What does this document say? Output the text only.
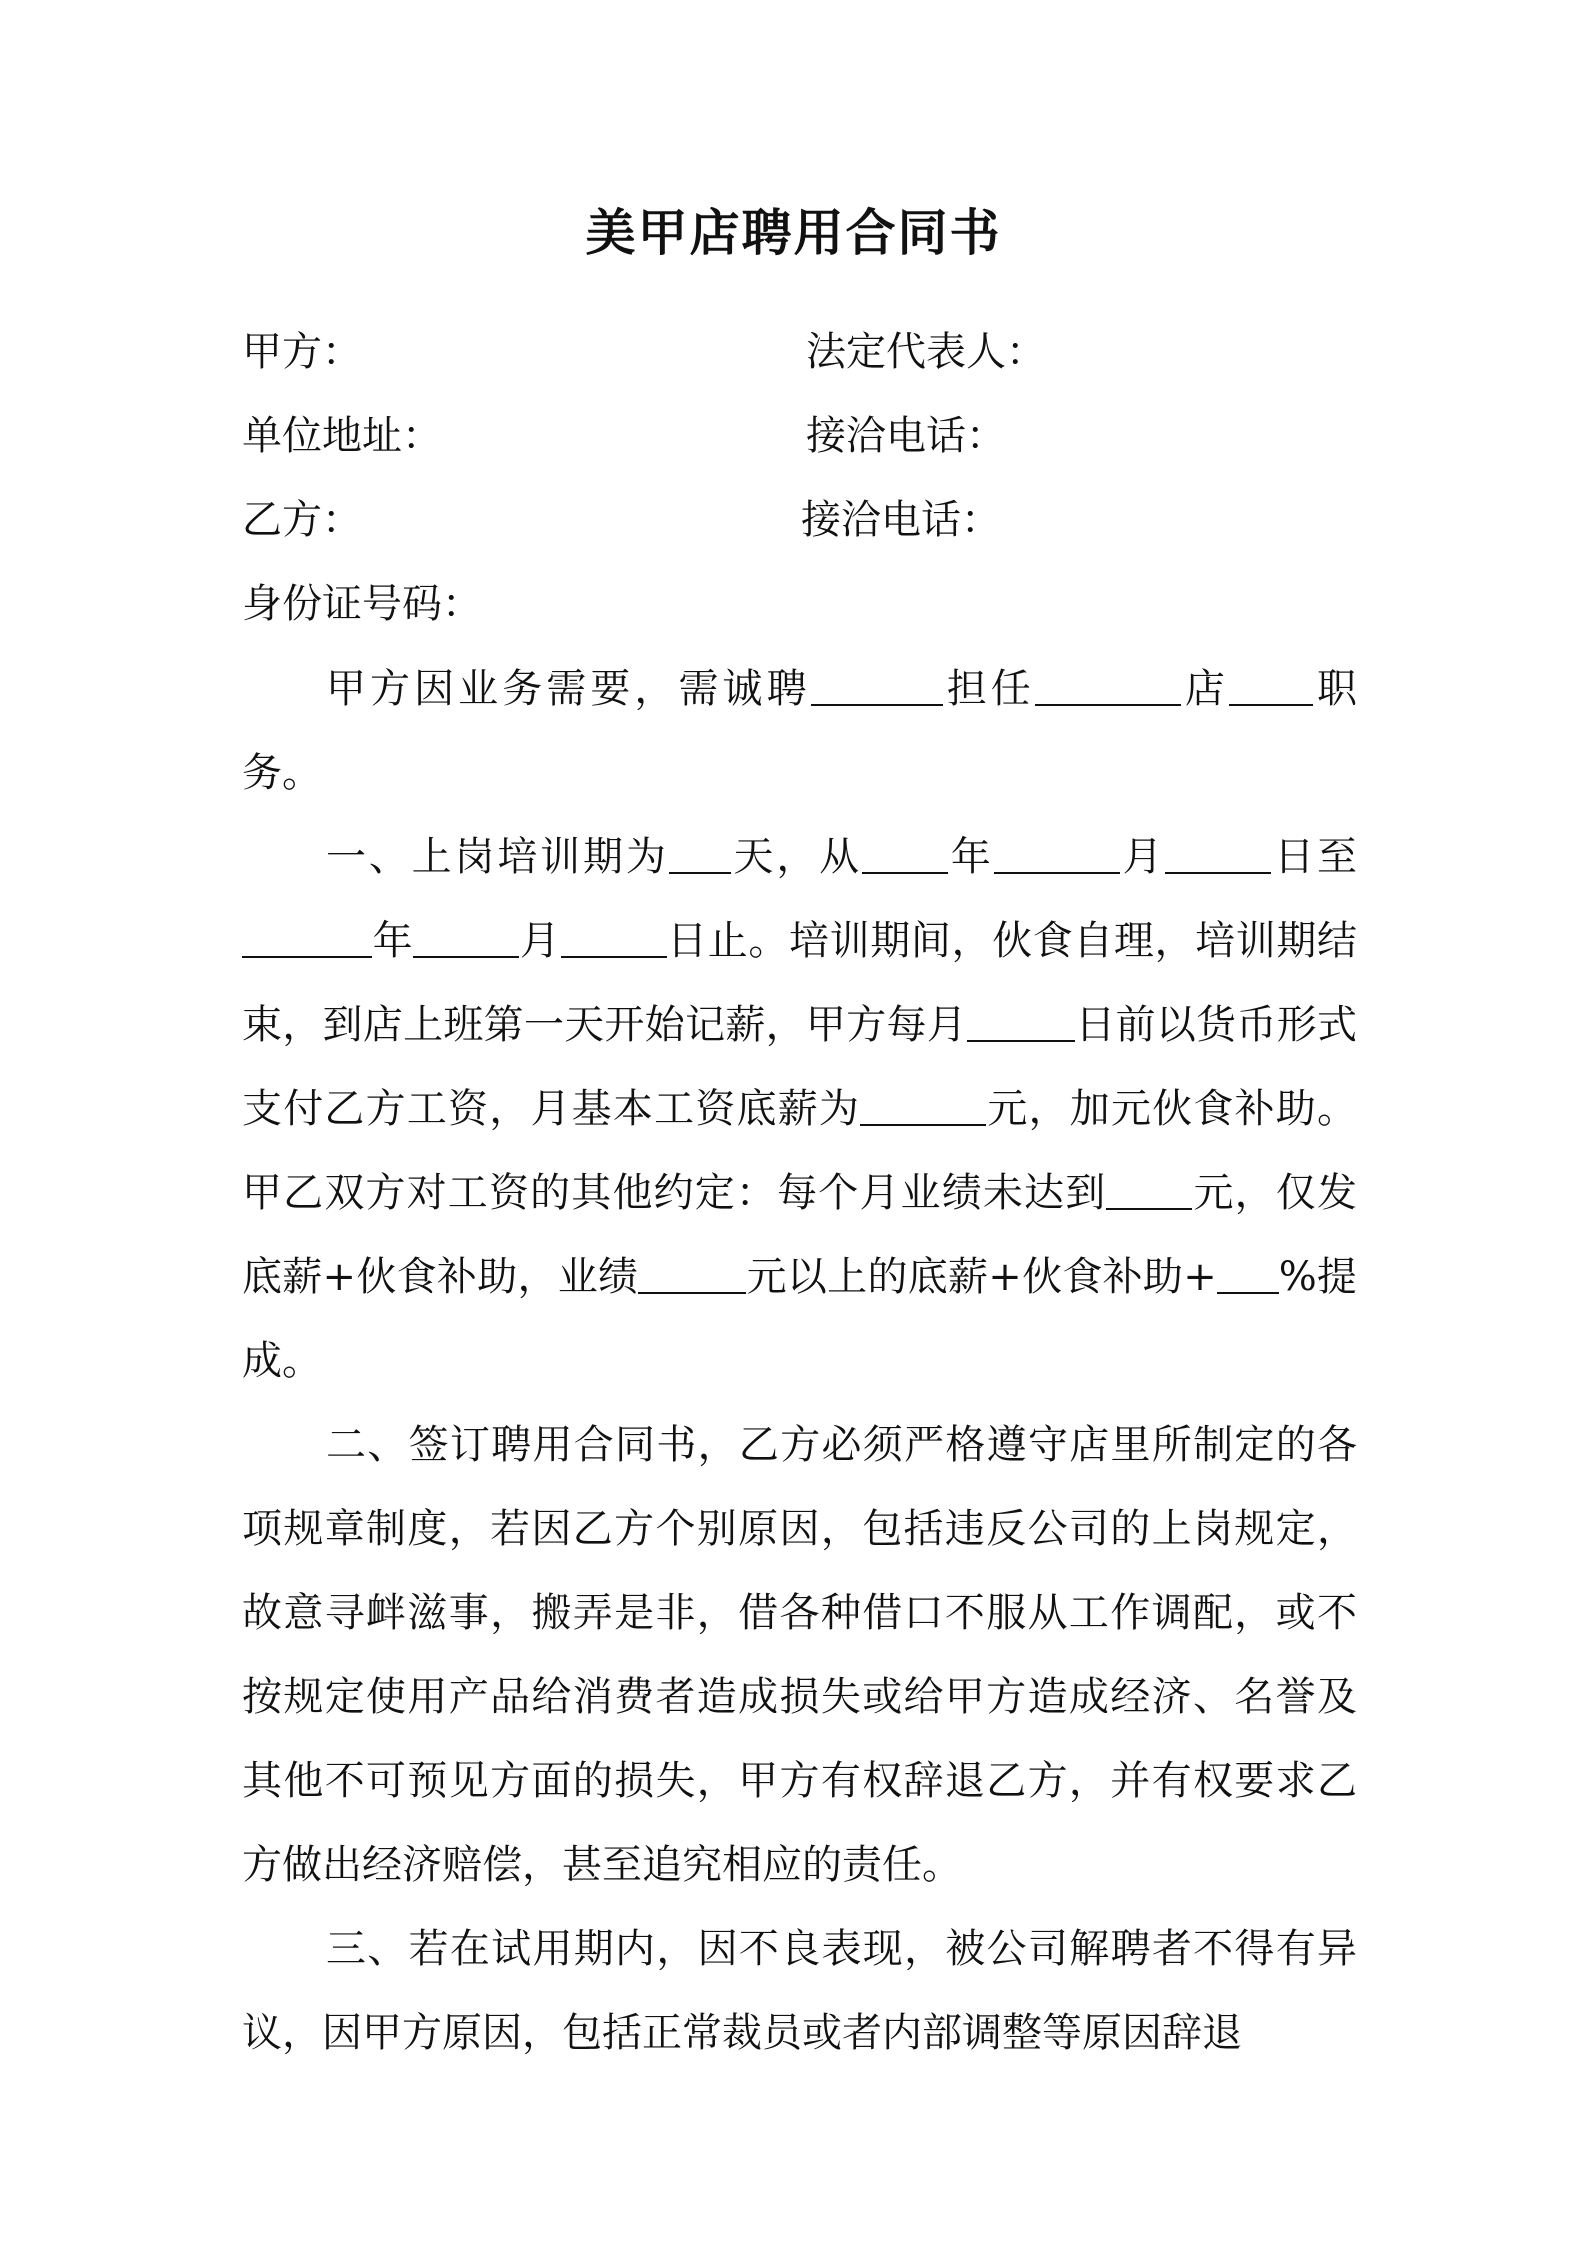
美甲店聘用合同书
甲方：	法定代表人：
单位地址：	接洽电话：
乙方：	接洽电话：
身份证号码：

甲方因业务需要，需诚聘	担任	店 职务。

一、上岗培训期为 天，从 年	月	日至年	月	日止。培训期间，伙食自理，培训期结束，到店上班第一天开始记薪，甲方每月	日前以货币形式支付乙方工资，月基本工资底薪为	元，加元伙食补助。甲乙双方对工资的其他约定：每个月业绩未达到 元，仅发底薪+伙食补助，业绩	元以上的底薪+伙食补助+ %提成。

二、签订聘用合同书，乙方必须严格遵守店里所制定的各项规章制度，若因乙方个别原因，包括违反公司的上岗规定，故意寻衅滋事，搬弄是非，借各种借口不服从工作调配，或不按规定使用产品给消费者造成损失或给甲方造成经济、名誉及其他不可预见方面的损失，甲方有权辞退乙方，并有权要求乙方做出经济赔偿，甚至追究相应的责任。

三、若在试用期内，因不良表现，被公司解聘者不得有异议，因甲方原因，包括正常裁员或者内部调整等原因辞退
